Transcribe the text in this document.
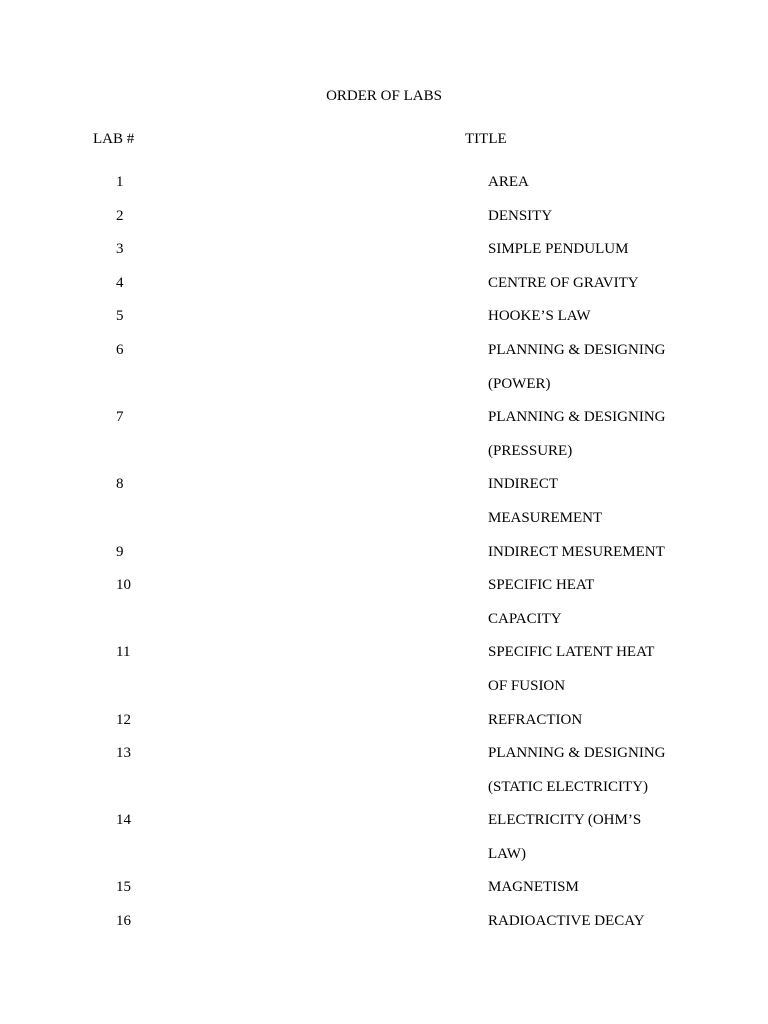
ORDER OF LABS
LAB #	TITLE
1	AREA
2	DENSITY
3	SIMPLE PENDULUM
4	CENTRE OF GRAVITY
5	HOOKE’S LAW
6	PLANNING & DESIGNING
(POWER)
7	PLANNING & DESIGNING
(PRESSURE)
8	INDIRECT
MEASUREMENT
9	INDIRECT MESUREMENT
10	SPECIFIC HEAT
CAPACITY
11	SPECIFIC LATENT HEAT
OF FUSION
12	REFRACTION
13	PLANNING & DESIGNING
(STATIC ELECTRICITY)
14	ELECTRICITY (OHM’S
LAW)
15	MAGNETISM
16	RADIOACTIVE DECAY
